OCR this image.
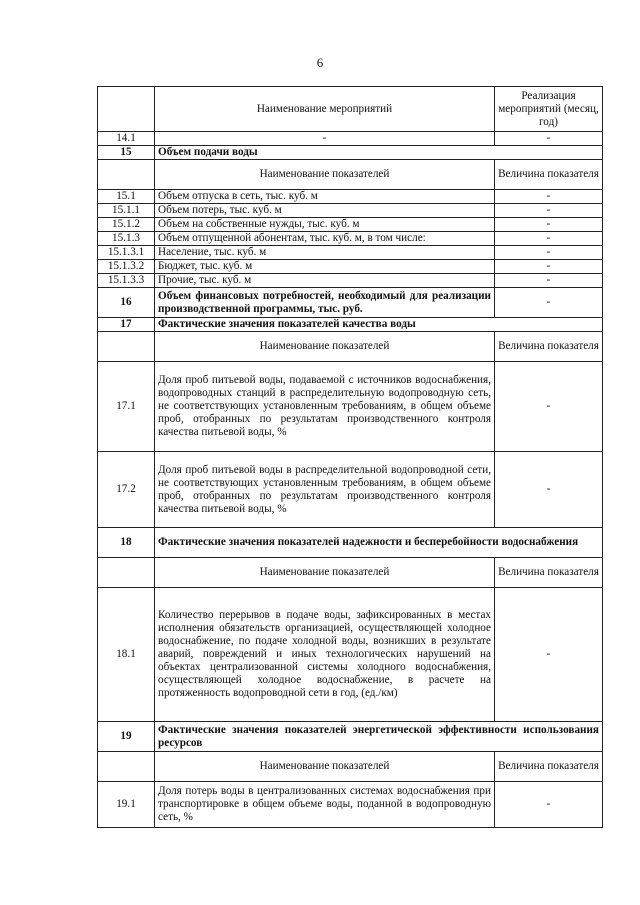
6
	Наименование мероприятий	Реализация мероприятий (месяц, год)
14.1	-	-
15	Объем подачи воды	
	Наименование показателей	Величина показателя
15.1	Объем отпуска в сеть, тыс. куб. м	-
15.1.1	Объем потерь, тыс. куб. м	-
15.1.2	Объем на собственные нужды, тыс. куб. м	-
15.1.3	Объем отпущенной абонентам, тыс. куб. м, в том числе:	-
15.1.3.1	Население, тыс. куб. м	-
15.1.3.2	Бюджет, тыс. куб. м	-
15.1.3.3	Прочие, тыс. куб. м	-
16	Объем финансовых потребностей, необходимый для реализации производственной программы, тыс. руб.	-
17	Фактические значения показателей качества воды	
	Наименование показателей	Величина показателя
17.1	Доля проб питьевой воды, подаваемой с источников водоснабжения, водопроводных станций в распределительную водопроводную сеть, не соответствующих установленным требованиям, в общем объеме проб, отобранных по результатам производственного контроля качества питьевой воды, %	-
17.2	Доля проб питьевой воды в распределительной водопроводной сети, не соответствующих установленным требованиям, в общем объеме проб, отобранных по результатам производственного контроля качества питьевой воды, %	-
18	Фактические значения показателей надежности и бесперебойности водоснабжения	
	Наименование показателей	Величина показателя
18.1	Количество перерывов в подаче воды, зафиксированных в местах исполнения обязательств организацией, осуществляющей холодное водоснабжение, по подаче холодной воды, возникших в результате аварий, повреждений и иных технологических нарушений на объектах централизованной системы холодного водоснабжения, осуществляющей холодное водоснабжение, в расчете на протяженность водопроводной сети в год, (ед./км)	-
19	Фактические значения показателей энергетической эффективности использования ресурсов	
	Наименование показателей	Величина показателя
19.1	Доля потерь воды в централизованных системах водоснабжения при транспортировке в общем объеме воды, поданной в водопроводную сеть, %	-
